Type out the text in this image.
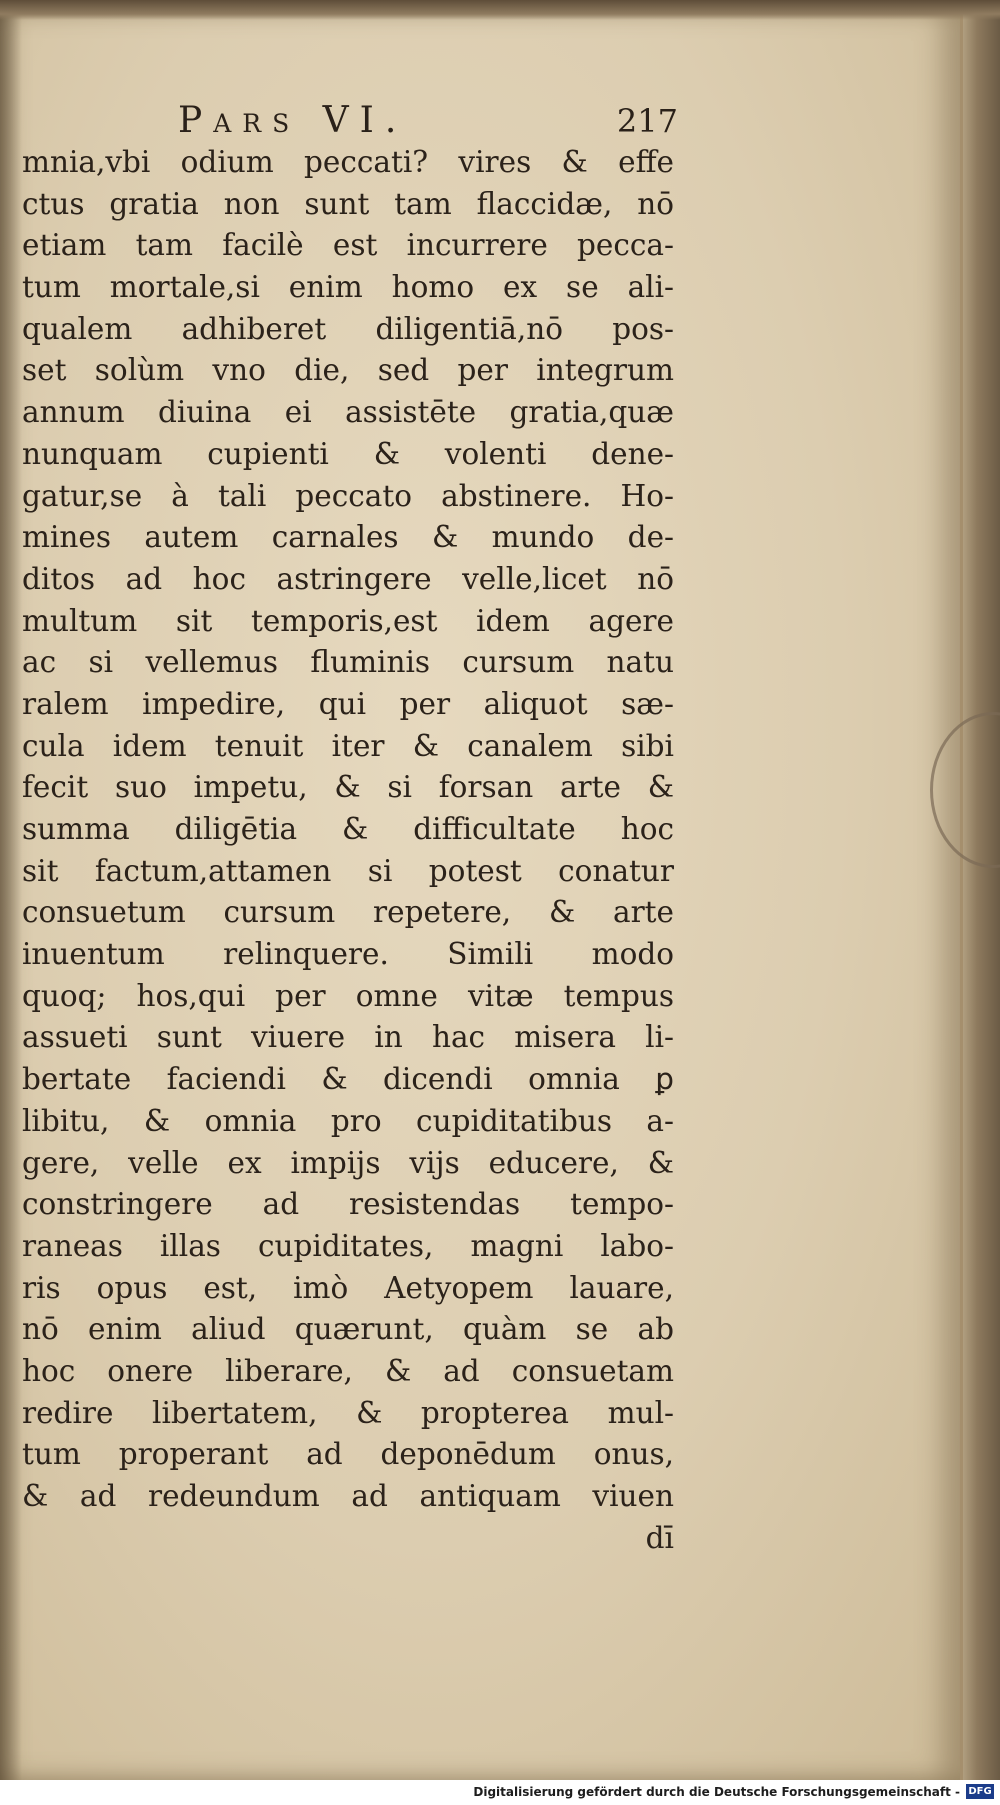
Pars VI.	217
mnia,vbi odium peccati? vires & effe
ctus gratia non sunt tam flaccidæ, nō
etiam tam facilè est incurrere pecca-
tum mortale,si enim homo ex se ali-
qualem adhiberet diligentiā,nō pos-
set solùm vno die, sed per integrum
annum diuina ei assistēte gratia,quæ
nunquam cupienti & volenti dene-
gatur,se à tali peccato abstinere. Ho-
mines autem carnales & mundo de-
ditos ad hoc astringere velle,licet nō
multum sit temporis,est idem agere
ac si vellemus fluminis cursum natu
ralem impedire, qui per aliquot sæ-
cula idem tenuit iter & canalem sibi
fecit suo impetu, & si forsan arte &
summa diligētia & difficultate hoc
sit factum,attamen si potest conatur
consuetum cursum repetere, & arte
inuentum relinquere. Simili modo
quoq; hos,qui per omne vitæ tempus
assueti sunt viuere in hac misera li-
bertate faciendi & dicendi omnia ꝑ
libitu, & omnia pro cupiditatibus a-
gere, velle ex impijs vijs educere, &
constringere ad resistendas tempo-
raneas illas cupiditates, magni labo-
ris opus est, imò Aetyopem lauare,
nō enim aliud quærunt, quàm se ab
hoc onere liberare, & ad consuetam
redire libertatem, & propterea mul-
tum properant ad deponēdum onus,
& ad redeundum ad antiquam viuen
dī
Digitalisierung gefördert durch die Deutsche Forschungsgemeinschaft - DFG
